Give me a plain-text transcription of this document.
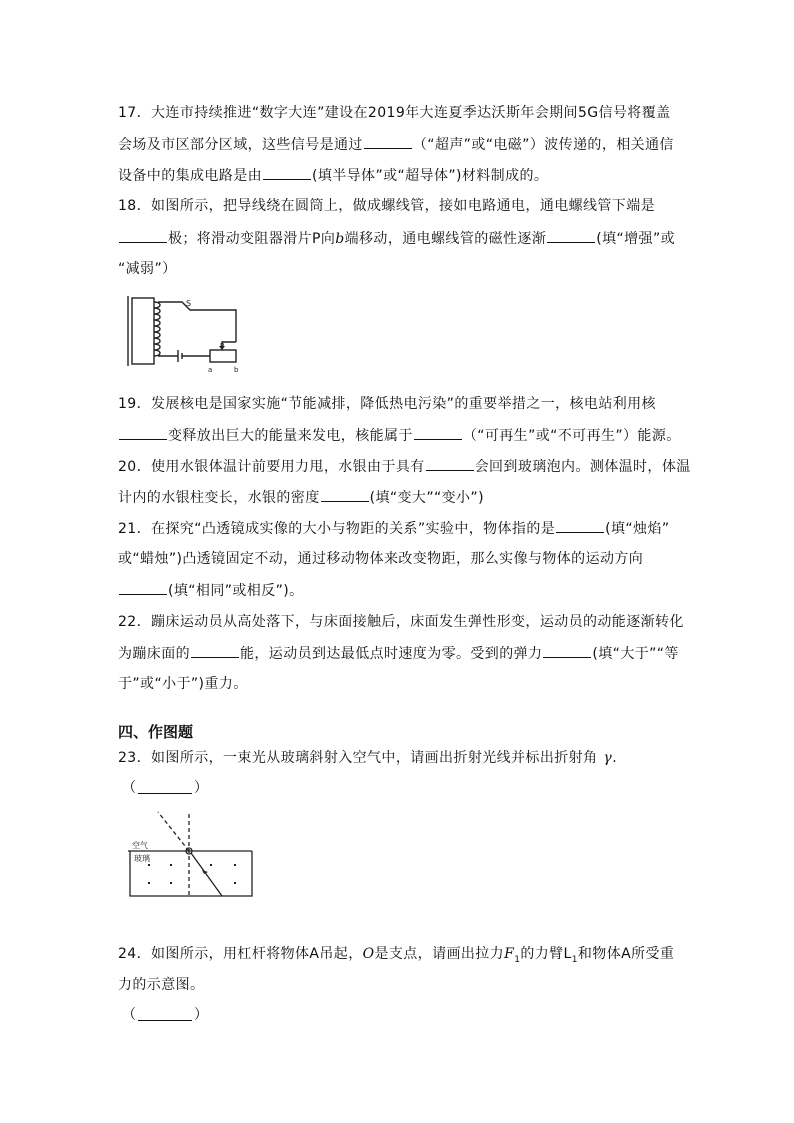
17．大连市持续推进“数字大连”建设在2019年大连夏季达沃斯年会期间5G信号将覆盖
会场及市区部分区域，这些信号是通过	（“超声”或“电磁”）波传递的，相关通信
设备中的集成电路是由	(填半导体”或“超导体”)材料制成的。
18．如图所示，把导线绕在圆筒上，做成螺线管，接如电路通电，通电螺线管下端是
极；将滑动变阻器滑片P向b端移动，通电螺线管的磁性逐渐	(填“增强”或
“减弱”）
S
P
a	b
19．发展核电是国家实施“节能减排，降低热电污染”的重要举措之一，核电站利用核
变释放出巨大的能量来发电，核能属于	（“可再生”或“不可再生”）能源。
20．使用水银体温计前要用力甩，水银由于具有	会回到玻璃泡内。测体温时，体温
计内的水银柱变长，水银的密度	(填“变大”“变小”)
21．在探究“凸透镜成实像的大小与物距的关系”实验中，物体指的是	(填“烛焰”
或“蜡烛”)凸透镜固定不动，通过移动物体来改变物距，那么实像与物体的运动方向
(填“相同”或相反”)。
22．蹦床运动员从高处落下，与床面接触后，床面发生弹性形变，运动员的动能逐渐转化
为蹦床面的	能，运动员到达最低点时速度为零。受到的弹力	(填“大于”“等
于”或“小于”)重力。
四、作图题
23．如图所示，一束光从玻璃斜射入空气中，请画出折射光线并标出折射角 γ.
（	）
空气
玻璃
24．如图所示，用杠杆将物体A吊起，O是支点，请画出拉力$F_1$的力臂$L_1$和物体A所受重
力的示意图。
（	）
